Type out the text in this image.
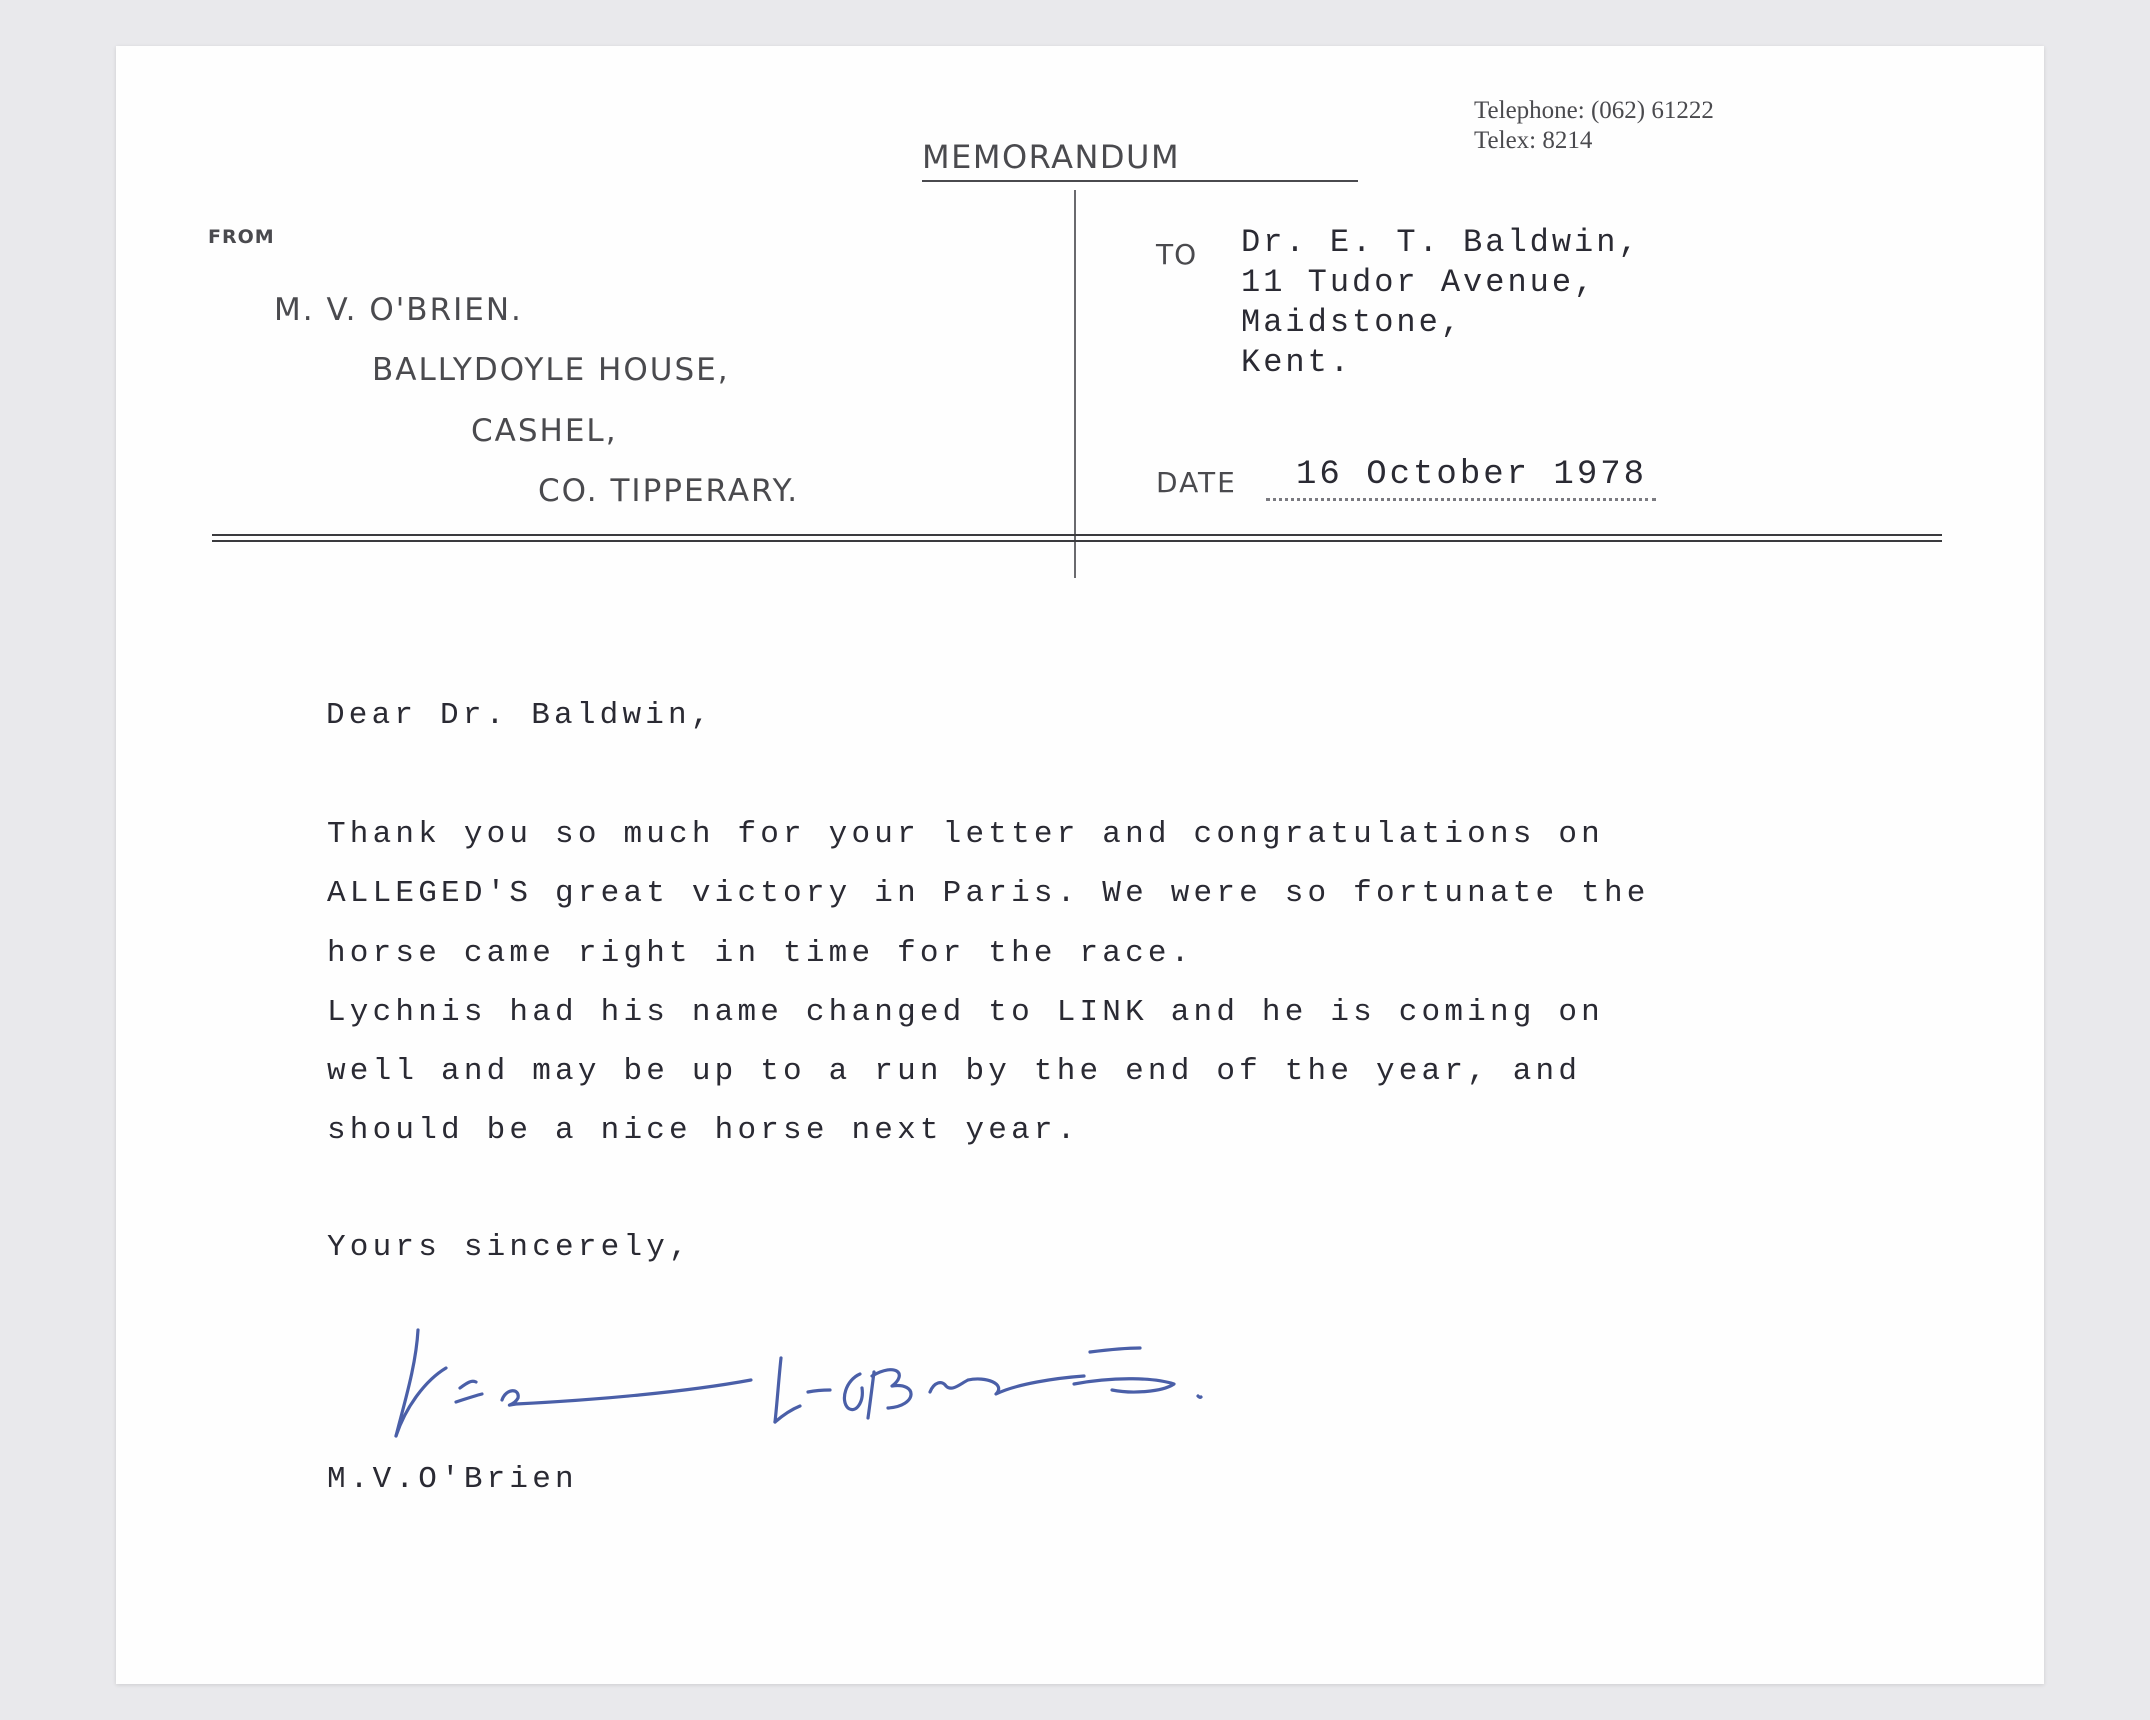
Telephone: (062) 61222
Telex: 8214
MEMORANDUM
FROM
M. V. O'BRIEN.
BALLYDOYLE HOUSE,
CASHEL,
CO. TIPPERARY.
TO Dr. E. T. Baldwin,
11 Tudor Avenue,
Maidstone,
Kent.
DATE 16 October 1978
Dear Dr. Baldwin,
Thank you so much for your letter and congratulations on
ALLEGED'S great victory in Paris. We were so fortunate the
horse came right in time for the race.
Lychnis had his name changed to LINK and he is coming on
well and may be up to a run by the end of the year, and
should be a nice horse next year.
Yours sincerely,
M.V.O'Brien
